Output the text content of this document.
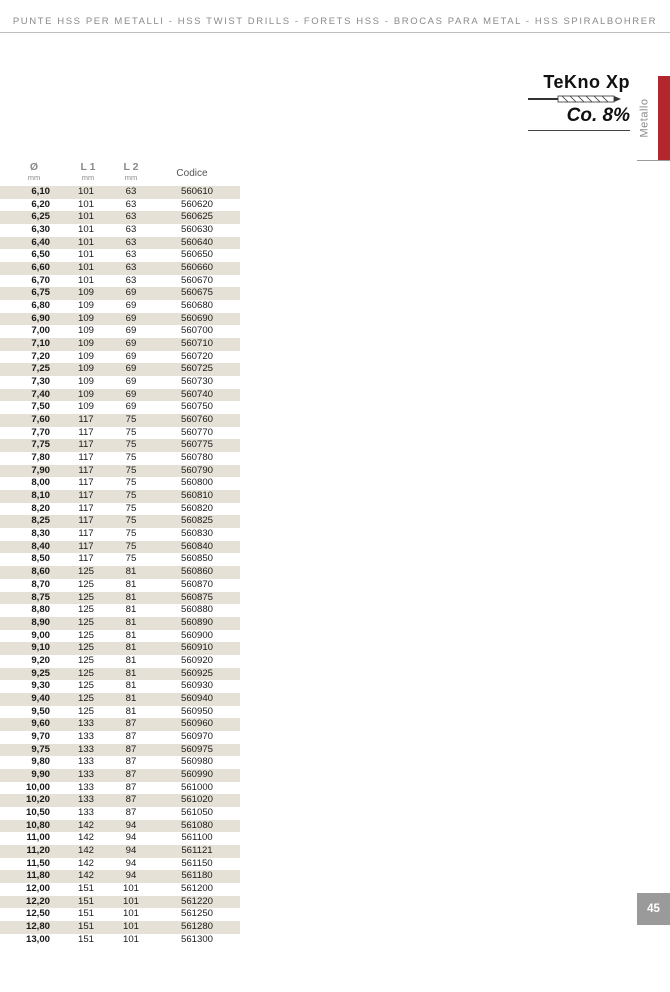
PUNTE HSS PER METALLI - HSS TWIST DRILLS - FORETS HSS - BROCAS PARA METAL - HSS SPIRALBOHRER
TeKno Xp
Co. 8% Metallo
Ø
mm
L 1
mm
L 2
mm	Codice
6,10	101	63	560610
6,20	101	63	560620
6,25	101	63	560625
6,30	101	63	560630
6,40	101	63	560640
6,50	101	63	560650
6,60	101	63	560660
6,70	101	63	560670
6,75	109	69	560675
6,80	109	69	560680
6,90	109	69	560690
7,00	109	69	560700
7,10	109	69	560710
7,20	109	69	560720
7,25	109	69	560725
7,30	109	69	560730
7,40	109	69	560740
7,50	109	69	560750
7,60	117	75	560760
7,70	117	75	560770
7,75	117	75	560775
7,80	117	75	560780
7,90	117	75	560790
8,00	117	75	560800
8,10	117	75	560810
8,20	117	75	560820
8,25	117	75	560825
8,30	117	75	560830
8,40	117	75	560840
8,50	117	75	560850
8,60	125	81	560860
8,70	125	81	560870
8,75	125	81	560875
8,80	125	81	560880
8,90	125	81	560890
9,00	125	81	560900
9,10	125	81	560910
9,20	125	81	560920
9,25	125	81	560925
9,30	125	81	560930
9,40	125	81	560940
9,50	125	81	560950
9,60	133	87	560960
9,70	133	87	560970
9,75	133	87	560975
9,80	133	87	560980
9,90	133	87	560990
10,00	133	87	561000
10,20	133	87	561020
10,50	133	87	561050
10,80	142	94	561080
11,00	142	94	561100
11,20	142	94	561121
11,50	142	94	561150
11,80	142	94	561180
12,00	151	101	561200
12,20	151	101	561220
12,50	151	101	561250
12,80	151	101	561280
13,00	151	101	561300
45
